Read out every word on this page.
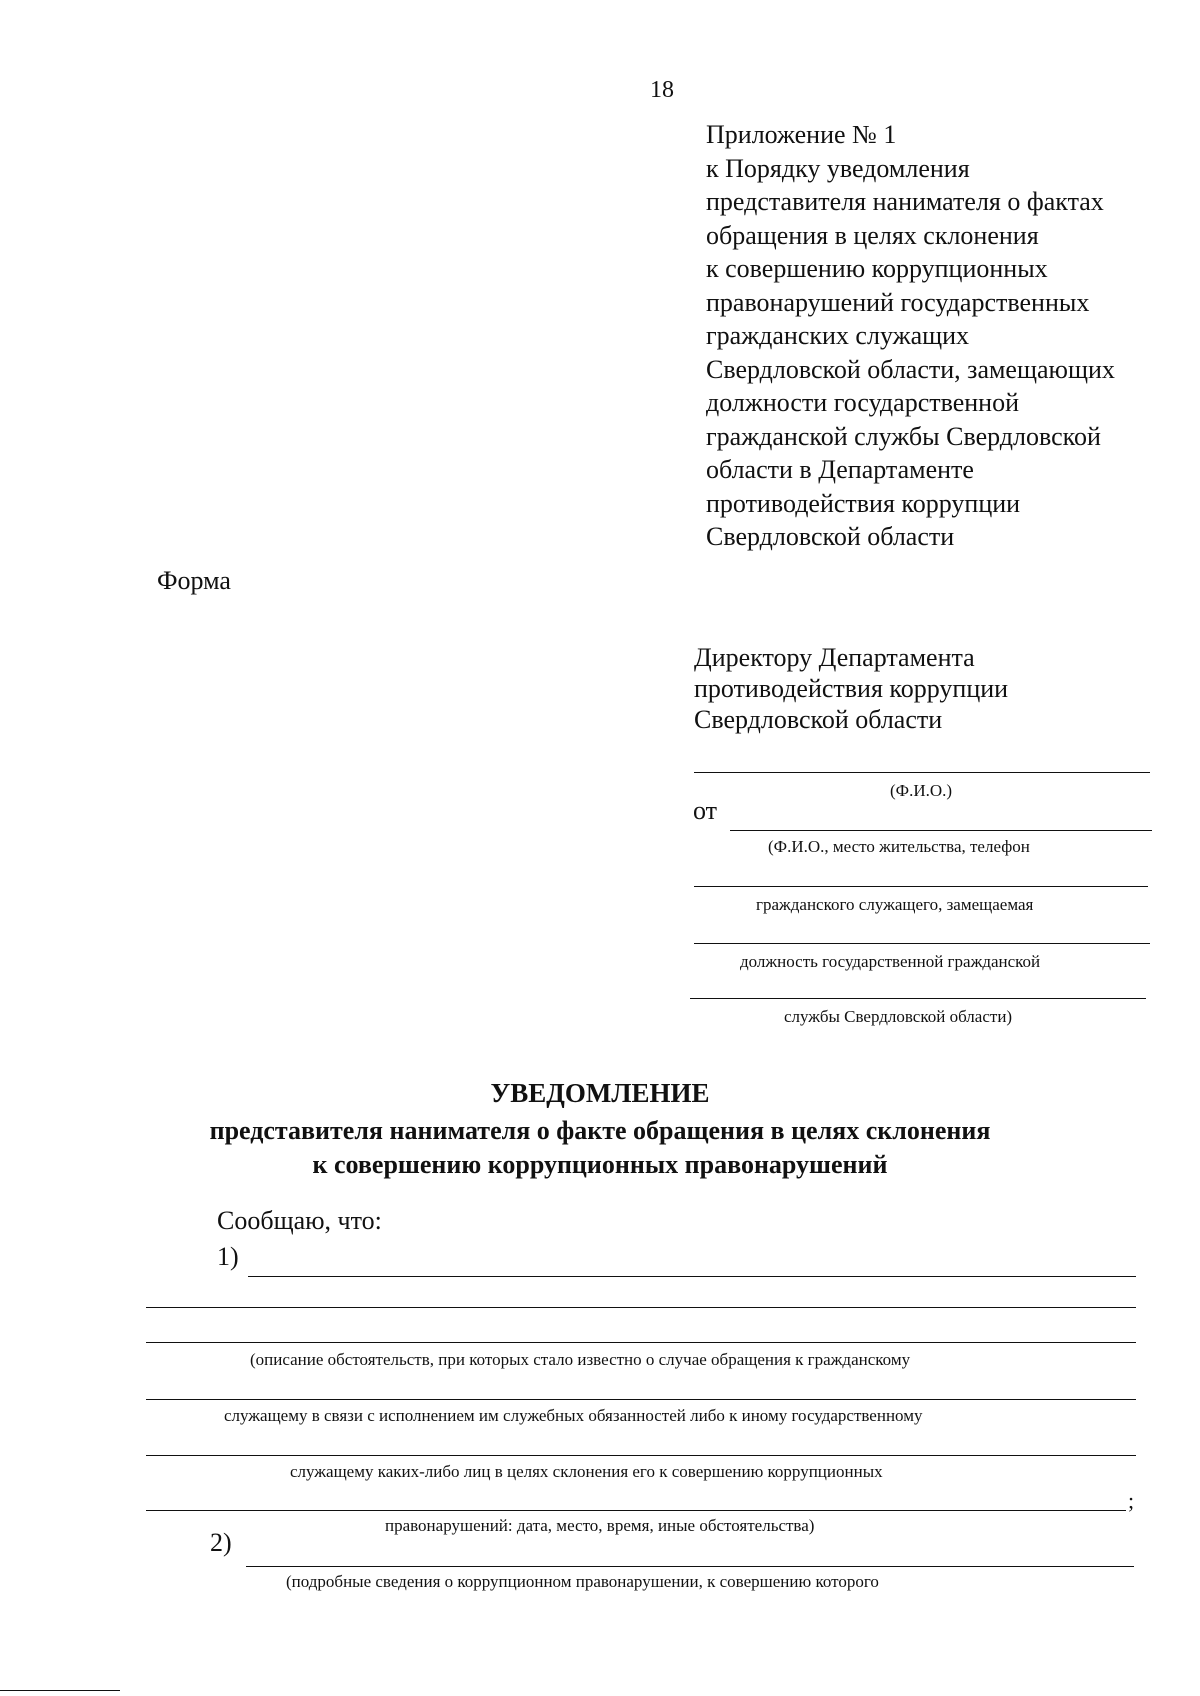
18
Приложение № 1
к Порядку уведомления
представителя нанимателя о фактах
обращения в целях склонения
к совершению коррупционных
правонарушений государственных
гражданских служащих
Свердловской области, замещающих
должности государственной
гражданской службы Свердловской
области в Департаменте
противодействия коррупции
Свердловской области
Форма
Директору Департамента
противодействия коррупции
Свердловской области
(Ф.И.О.)
от
(Ф.И.О., место жительства, телефон
гражданского служащего, замещаемая
должность государственной гражданской
службы Свердловской области)
УВЕДОМЛЕНИЕ
представителя нанимателя о факте обращения в целях склонения
к совершению коррупционных правонарушений
Сообщаю, что:
1)
(описание обстоятельств, при которых стало известно о случае обращения к гражданскому
служащему в связи с исполнением им служебных обязанностей либо к иному государственному
служащему каких-либо лиц в целях склонения его к совершению коррупционных
;
правонарушений: дата, место, время, иные обстоятельства)
2)
(подробные сведения о коррупционном правонарушении, к совершению которого
